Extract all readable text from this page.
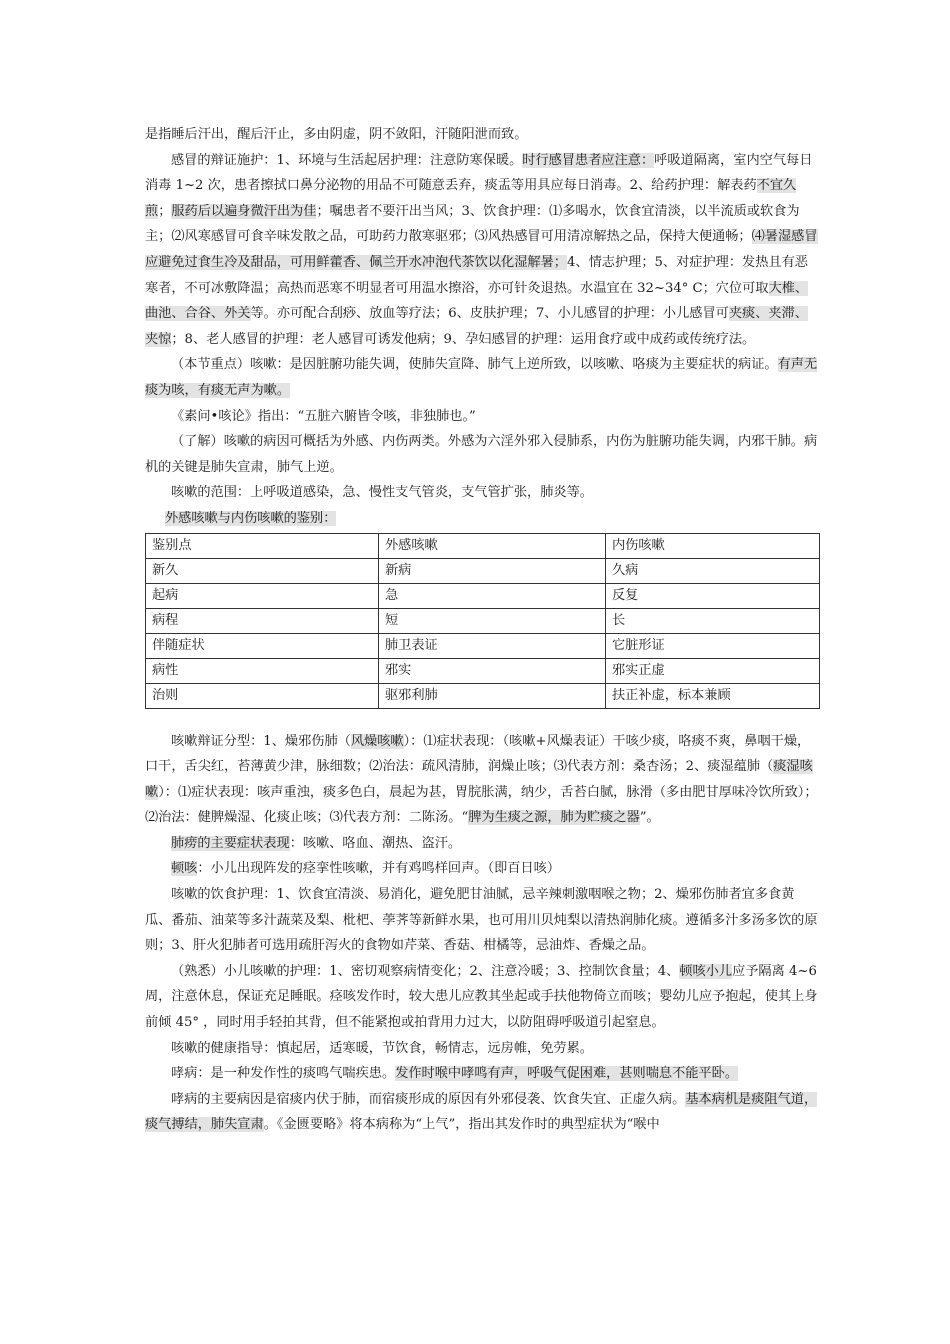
是指睡后汗出，醒后汗止，多由阴虚，阴不敛阳，汗随阳泄而致。

感冒的辩证施护：1、环境与生活起居护理：注意防寒保暖。时行感冒患者应注意：呼吸道隔离，室内空气每日消毒 1~2 次，患者擦拭口鼻分泌物的用品不可随意丢弃，痰盂等用具应每日消毒。2、给药护理：解表药不宜久煎；服药后以遍身微汗出为佳；嘱患者不要汗出当风；3、饮食护理：⑴多喝水，饮食宜清淡，以半流质或软食为主；⑵风寒感冒可食辛味发散之品，可助药力散寒驱邪；⑶风热感冒可用清凉解热之品，保持大便通畅；⑷暑湿感冒应避免过食生冷及甜品，可用鲜藿香、佩兰开水冲泡代茶饮以化湿解暑；4、情志护理；5、对症护理：发热且有恶寒者，不可冰敷降温；高热而恶寒不明显者可用温水擦浴，亦可针灸退热。水温宜在 32~34° C；穴位可取大椎、曲池、合谷、外关等。亦可配合刮痧、放血等疗法；6、皮肤护理；7、小儿感冒的护理：小儿感冒可夹痰、夹滞、夹惊；8、老人感冒的护理：老人感冒可诱发他病；9、孕妇感冒的护理：运用食疗或中成药或传统疗法。

（本节重点）咳嗽：是因脏腑功能失调，使肺失宣降、肺气上逆所致，以咳嗽、咯痰为主要症状的病证。有声无痰为咳，有痰无声为嗽。

《素问•咳论》指出：“五脏六腑皆令咳，非独肺也。”

（了解）咳嗽的病因可概括为外感、内伤两类。外感为六淫外邪入侵肺系，内伤为脏腑功能失调，内邪干肺。病机的关键是肺失宣肃，肺气上逆。

咳嗽的范围：上呼吸道感染，急、慢性支气管炎，支气管扩张，肺炎等。

外感咳嗽与内伤咳嗽的鉴别：

鉴别点	外感咳嗽	内伤咳嗽
新久	新病	久病
起病	急	反复
病程	短	长
伴随症状	肺卫表证	它脏形证
病性	邪实	邪实正虚
治则	驱邪利肺	扶正补虚，标本兼顾

咳嗽辩证分型：1、燥邪伤肺（风燥咳嗽）：⑴症状表现：（咳嗽+风燥表证）干咳少痰，咯痰不爽，鼻咽干燥，口干，舌尖红，苔薄黄少津，脉细数；⑵治法：疏风清肺，润燥止咳；⑶代表方剂：桑杏汤；2、痰湿蕴肺（痰湿咳嗽）：⑴症状表现：咳声重浊，痰多色白，晨起为甚，胃脘胀满，纳少，舌苔白腻，脉滑（多由肥甘厚味冷饮所致）；⑵治法：健脾燥湿、化痰止咳；⑶代表方剂：二陈汤。“脾为生痰之源，肺为贮痰之器”。

肺痨的主要症状表现：咳嗽、咯血、潮热、盗汗。

顿咳：小儿出现阵发的痉挛性咳嗽，并有鸡鸣样回声。（即百日咳）

咳嗽的饮食护理：1、饮食宜清淡、易消化，避免肥甘油腻，忌辛辣刺激咽喉之物；2、燥邪伤肺者宜多食黄瓜、番茄、油菜等多汁蔬菜及梨、枇杷、荸荠等新鲜水果，也可用川贝炖梨以清热润肺化痰。遵循多汁多汤多饮的原则；3、肝火犯肺者可选用疏肝泻火的食物如芹菜、香菇、柑橘等，忌油炸、香燥之品。

（熟悉）小儿咳嗽的护理：1、密切观察病情变化；2、注意冷暖；3、控制饮食量；4、顿咳小儿应予隔离 4~6 周，注意休息，保证充足睡眠。痉咳发作时，较大患儿应教其坐起或手扶他物倚立而咳；婴幼儿应予抱起，使其上身前倾 45° ，同时用手轻拍其背，但不能紧抱或拍背用力过大，以防阻碍呼吸道引起窒息。

咳嗽的健康指导：慎起居，适寒暖，节饮食，畅情志，远房帷，免劳累。

哮病：是一种发作性的痰鸣气喘疾患。发作时喉中哮鸣有声，呼吸气促困难，甚则喘息不能平卧。

哮病的主要病因是宿痰内伏于肺，而宿痰形成的原因有外邪侵袭、饮食失宜、正虚久病。基本病机是痰阻气道，痰气搏结，肺失宣肃。《金匮要略》将本病称为“上气”，指出其发作时的典型症状为“喉中
